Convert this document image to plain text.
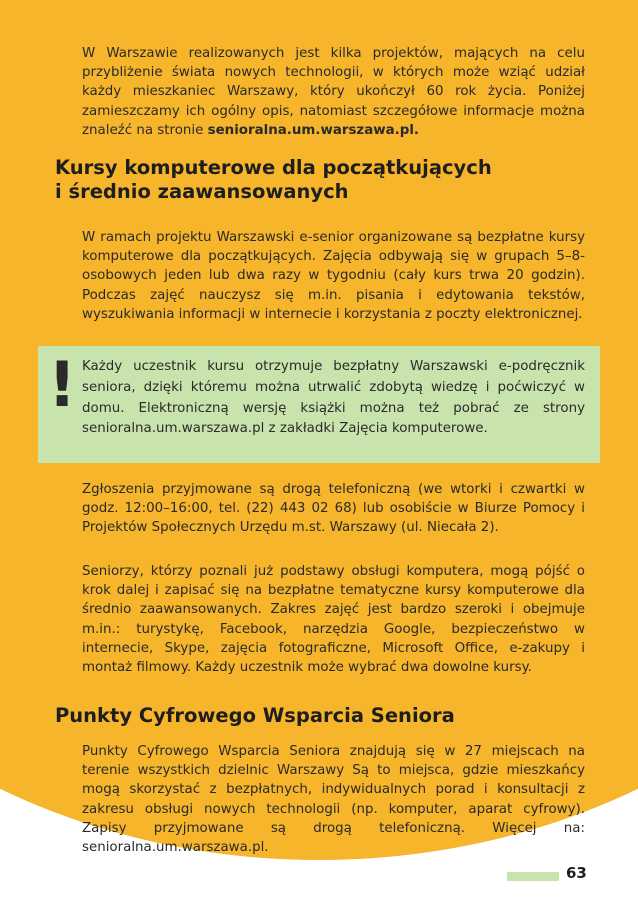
W Warszawie realizowanych jest kilka projektów, mających na celu przybliżenie świata nowych technologii, w których może wziąć udział każdy mieszkaniec Warszawy, który ukończył 60 rok życia. Poniżej zamieszczamy ich ogólny opis, natomiast szczegółowe informacje można znaleźć na stronie senioralna.um.warszawa.pl.

Kursy komputerowe dla początkujących
i średnio zaawansowanych

W ramach projektu Warszawski e-senior organizowane są bezpłatne kursy komputerowe dla początkujących. Zajęcia odbywają się w grupach 5–8-osobowych jeden lub dwa razy w tygodniu (cały kurs trwa 20 godzin). Podczas zajęć nauczysz się m.in. pisania i edytowania tekstów, wyszukiwania informacji w internecie i korzystania z poczty elektronicznej.

! Każdy uczestnik kursu otrzymuje bezpłatny Warszawski e-podręcznik seniora, dzięki któremu można utrwalić zdobytą wiedzę i poćwiczyć w domu. Elektroniczną wersję książki można też pobrać ze strony senioralna.um.warszawa.pl z zakładki Zajęcia komputerowe.

Zgłoszenia przyjmowane są drogą telefoniczną (we wtorki i czwartki w godz. 12:00–16:00, tel. (22) 443 02 68) lub osobiście w Biurze Pomocy i Projektów Społecznych Urzędu m.st. Warszawy (ul. Niecała 2).

Seniorzy, którzy poznali już podstawy obsługi komputera, mogą pójść o krok dalej i zapisać się na bezpłatne tematyczne kursy komputerowe dla średnio zaawansowanych. Zakres zajęć jest bardzo szeroki i obejmuje m.in.: turystykę, Facebook, narzędzia Google, bezpieczeństwo w internecie, Skype, zajęcia fotograficzne, Microsoft Office, e-zakupy i montaż filmowy. Każdy uczestnik może wybrać dwa dowolne kursy.

Punkty Cyfrowego Wsparcia Seniora

Punkty Cyfrowego Wsparcia Seniora znajdują się w 27 miejscach na terenie wszystkich dzielnic Warszawy Są to miejsca, gdzie mieszkańcy mogą skorzystać z bezpłatnych, indywidualnych porad i konsultacji z zakresu obsługi nowych technologii (np. komputer, aparat cyfrowy). Zapisy przyjmowane są drogą telefoniczną. Więcej na: senioralna.um.warszawa.pl.

63
